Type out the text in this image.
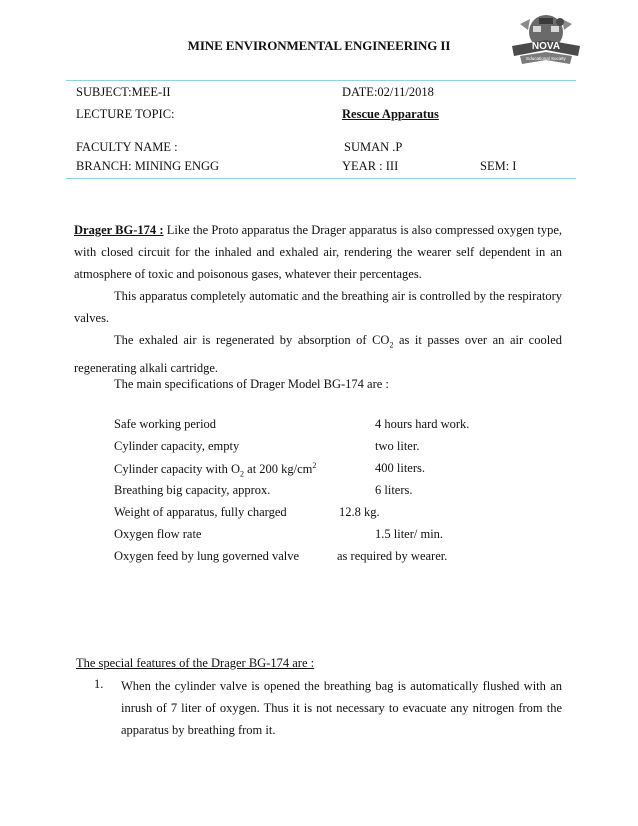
MINE ENVIRONMENTAL ENGINEERING II	NOVA
Educational Society
SUBJECT:MEE-II	DATE:02/11/2018
LECTURE TOPIC:	Rescue Apparatus
FACULTY NAME :	SUMAN .P
BRANCH: MINING ENGG	YEAR : III	SEM: I
Drager BG-174 : Like the Proto apparatus the Drager apparatus is also compressed oxygen type, with closed circuit for the inhaled and exhaled air, rendering the wearer self dependent in an atmosphere of toxic and poisonous gases, whatever their percentages.
This apparatus completely automatic and the breathing air is controlled by the respiratory valves.
The exhaled air is regenerated by absorption of $CO_2$ as it passes over an air cooled regenerating alkali cartridge.
The main specifications of Drager Model BG-174 are :
Safe working period	4 hours hard work.
Cylinder capacity, empty	two liter.
Cylinder capacity with $O_2$ at 200 $kg/cm^2$	400 liters.
Breathing big capacity, approx.	6 liters.
Weight of apparatus, fully charged	12.8 kg.
Oxygen flow rate	1.5 liter/ min.
Oxygen feed by lung governed valve	as required by wearer.
The special features of the Drager BG-174 are :
1. When the cylinder valve is opened the breathing bag is automatically flushed with an inrush of 7 liter of oxygen. Thus it is not necessary to evacuate any nitrogen from the apparatus by breathing from it.
